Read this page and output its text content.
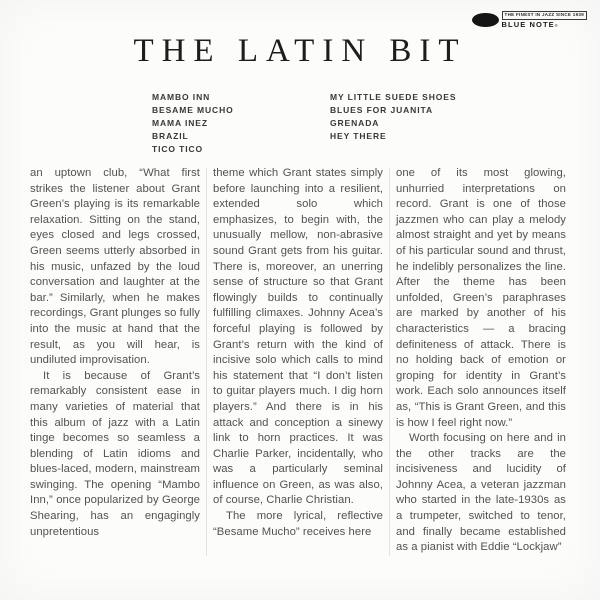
THE FINEST IN JAZZ SINCE 1939
BLUE NOTE ®
THE LATIN BIT
MAMBO INN
BESAME MUCHO
MAMA INEZ
BRAZIL
TICO TICO
MY LITTLE SUEDE SHOES
BLUES FOR JUANITA
GRENADA
HEY THERE

an uptown club, “What first strikes the listener about Grant Green’s playing is its remarkable relaxation. Sitting on the stand, eyes closed and legs crossed, Green seems utterly absorbed in his music, unfazed by the loud conversation and laughter at the bar.” Similarly, when he makes recordings, Grant plunges so fully into the music at hand that the result, as you will hear, is undiluted improvisation.

It is because of Grant’s remarkably consistent ease in many varieties of material that this album of jazz with a Latin tinge becomes so seamless a blending of Latin idioms and blues-laced, modern, mainstream swinging. The opening “Mambo Inn,” once popularized by George Shearing, has an engagingly unpretentious

theme which Grant states simply before launching into a resilient, extended solo which emphasizes, to begin with, the unusually mellow, non-abrasive sound Grant gets from his guitar. There is, moreover, an unerring sense of structure so that Grant flowingly builds to continually fulfilling climaxes. Johnny Acea’s forceful playing is followed by Grant’s return with the kind of incisive solo which calls to mind his statement that “I don’t listen to guitar players much. I dig horn players.” And there is in his attack and conception a sinewy link to horn practices. It was Charlie Parker, incidentally, who was a particularly seminal influence on Green, as was also, of course, Charlie Christian.

The more lyrical, reflective “Besame Mucho” receives here

one of its most glowing, unhurried interpretations on record. Grant is one of those jazzmen who can play a melody almost straight and yet by means of his particular sound and thrust, he indelibly personalizes the line. After the theme has been unfolded, Green’s paraphrases are marked by another of his characteristics — a bracing definiteness of attack. There is no holding back of emotion or groping for identity in Grant’s work. Each solo announces itself as, “This is Grant Green, and this is how I feel right now.”

Worth focusing on here and in the other tracks are the incisiveness and lucidity of Johnny Acea, a veteran jazzman who started in the late-1930s as a trumpeter, switched to tenor, and finally became established as a pianist with Eddie “Lockjaw”
